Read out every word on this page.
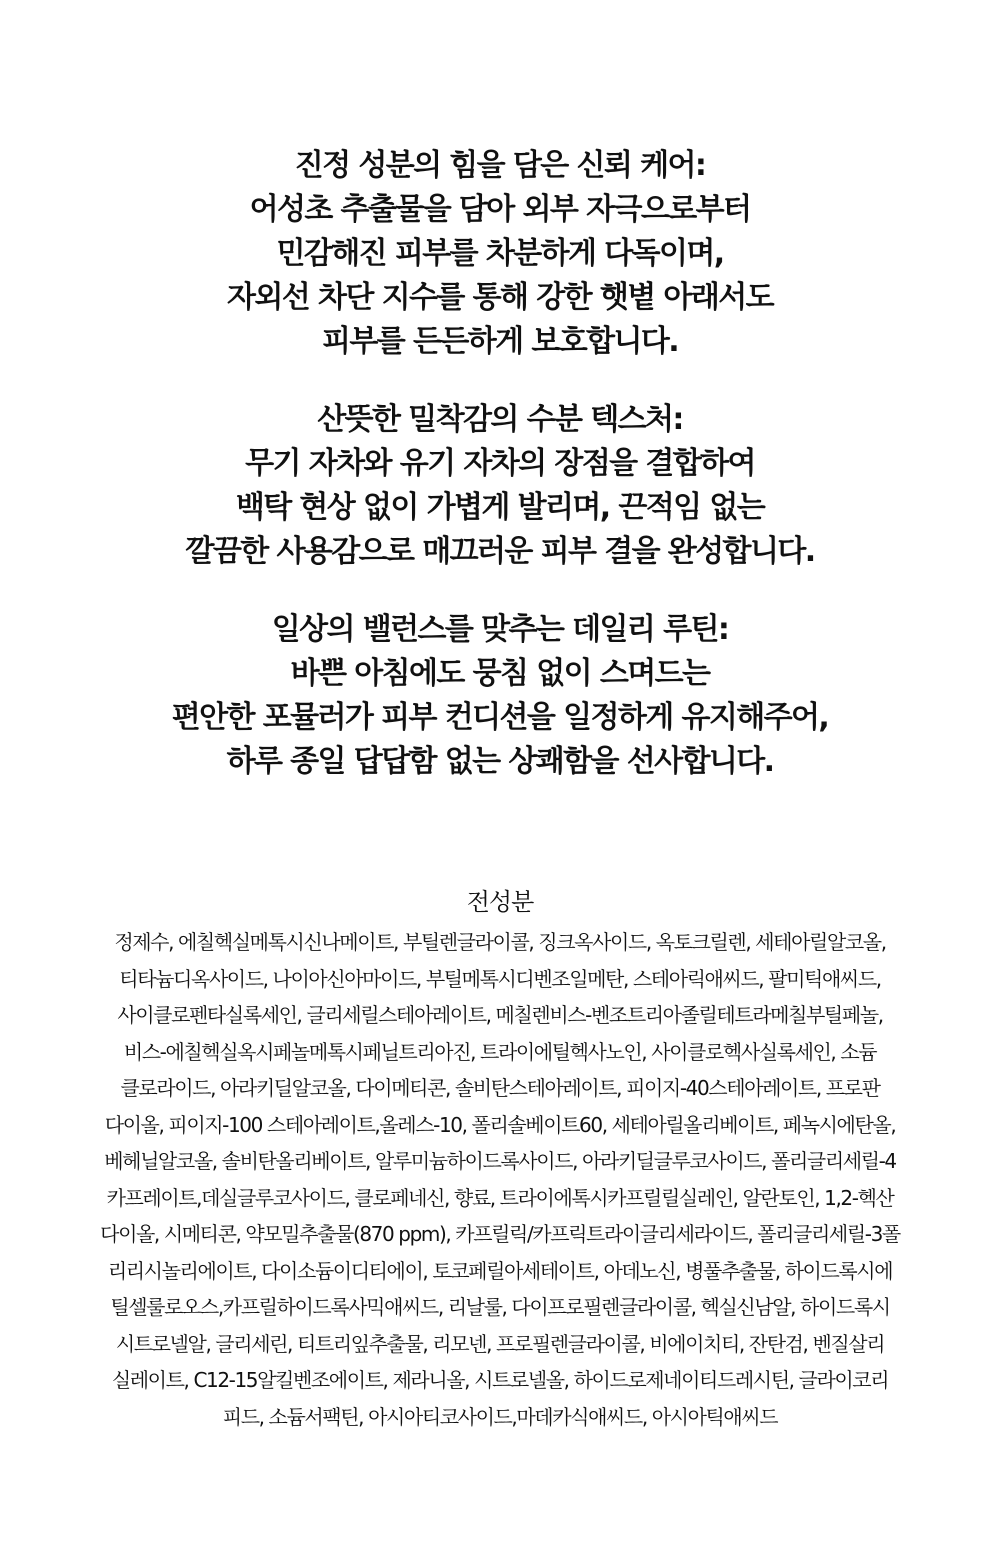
진정 성분의 힘을 담은 신뢰 케어:
어성초 추출물을 담아 외부 자극으로부터
민감해진 피부를 차분하게 다독이며,
자외선 차단 지수를 통해 강한 햇볕 아래서도
피부를 든든하게 보호합니다.
산뜻한 밀착감의 수분 텍스처:
무기 자차와 유기 자차의 장점을 결합하여
백탁 현상 없이 가볍게 발리며, 끈적임 없는
깔끔한 사용감으로 매끄러운 피부 결을 완성합니다.
일상의 밸런스를 맞추는 데일리 루틴:
바쁜 아침에도 뭉침 없이 스며드는
편안한 포뮬러가 피부 컨디션을 일정하게 유지해주어,
하루 종일 답답함 없는 상쾌함을 선사합니다.
전성분
정제수, 에칠헥실메톡시신나메이트, 부틸렌글라이콜, 징크옥사이드, 옥토크릴렌, 세테아릴알코올,
티타늄디옥사이드, 나이아신아마이드, 부틸메톡시디벤조일메탄, 스테아릭애씨드, 팔미틱애씨드,
사이클로펜타실록세인, 글리세릴스테아레이트, 메칠렌비스-벤조트리아졸릴테트라메칠부틸페놀,
비스-에칠헥실옥시페놀메톡시페닐트리아진, 트라이에틸헥사노인, 사이클로헥사실록세인, 소듐
클로라이드, 아라키딜알코올, 다이메티콘, 솔비탄스테아레이트, 피이지-40스테아레이트, 프로판
다이올, 피이지-100 스테아레이트,올레스-10, 폴리솔베이트60, 세테아릴올리베이트, 페녹시에탄올,
베헤닐알코올, 솔비탄올리베이트, 알루미늄하이드록사이드, 아라키딜글루코사이드, 폴리글리세릴-4
카프레이트,데실글루코사이드, 클로페네신, 향료, 트라이에톡시카프릴릴실레인, 알란토인, 1,2-헥산
다이올, 시메티콘, 약모밀추출물(870 ppm), 카프릴릭/카프릭트라이글리세라이드, 폴리글리세릴-3폴
리리시놀리에이트, 다이소듐이디티에이, 토코페릴아세테이트, 아데노신, 병풀추출물, 하이드록시에
틸셀룰로오스,카프릴하이드록사믹애씨드, 리날룰, 다이프로필렌글라이콜, 헥실신남알, 하이드록시
시트로넬알, 글리세린, 티트리잎추출물, 리모넨, 프로필렌글라이콜, 비에이치티, 잔탄검, 벤질살리
실레이트, C12-15알킬벤조에이트, 제라니올, 시트로넬올, 하이드로제네이티드레시틴, 글라이코리
피드, 소듐서팩틴, 아시아티코사이드,마데카식애씨드, 아시아틱애씨드
